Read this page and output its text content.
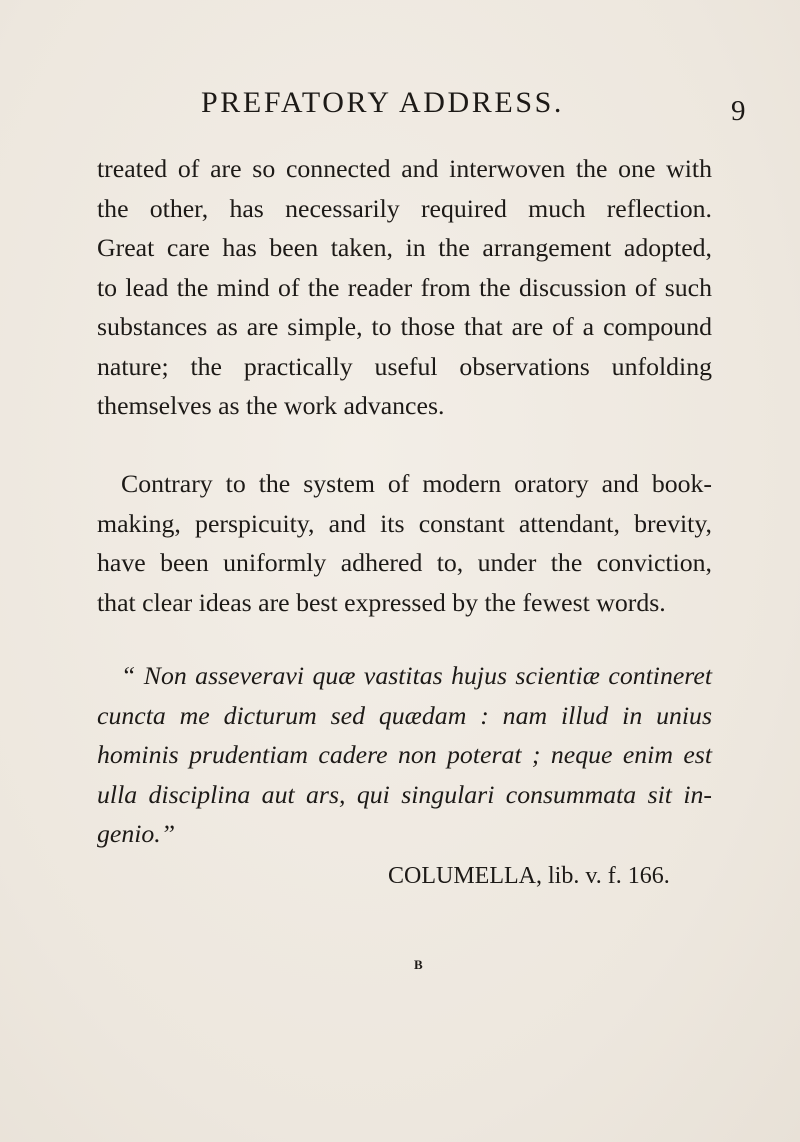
PREFATORY ADDRESS.	9
treated of are so connected and interwoven the one with
the other, has necessarily required much reflection.
Great care has been taken, in the arrangement adopted,
to lead the mind of the reader from the discussion of such
substances as are simple, to those that are of a compound
nature; the practically useful observations unfolding
themselves as the work advances.
Contrary to the system of modern oratory and book-
making, perspicuity, and its constant attendant, brevity,
have been uniformly adhered to, under the conviction,
that clear ideas are best expressed by the fewest words.
“ Non asseveravi quæ vastitas hujus scientiæ contineret
cuncta me dicturum sed quædam : nam illud in unius
hominis prudentiam cadere non poterat ; neque enim est
ulla disciplina aut ars, qui singulari consummata sit in-
genio.”
COLUMELLA, lib. v. f. 166.
B
